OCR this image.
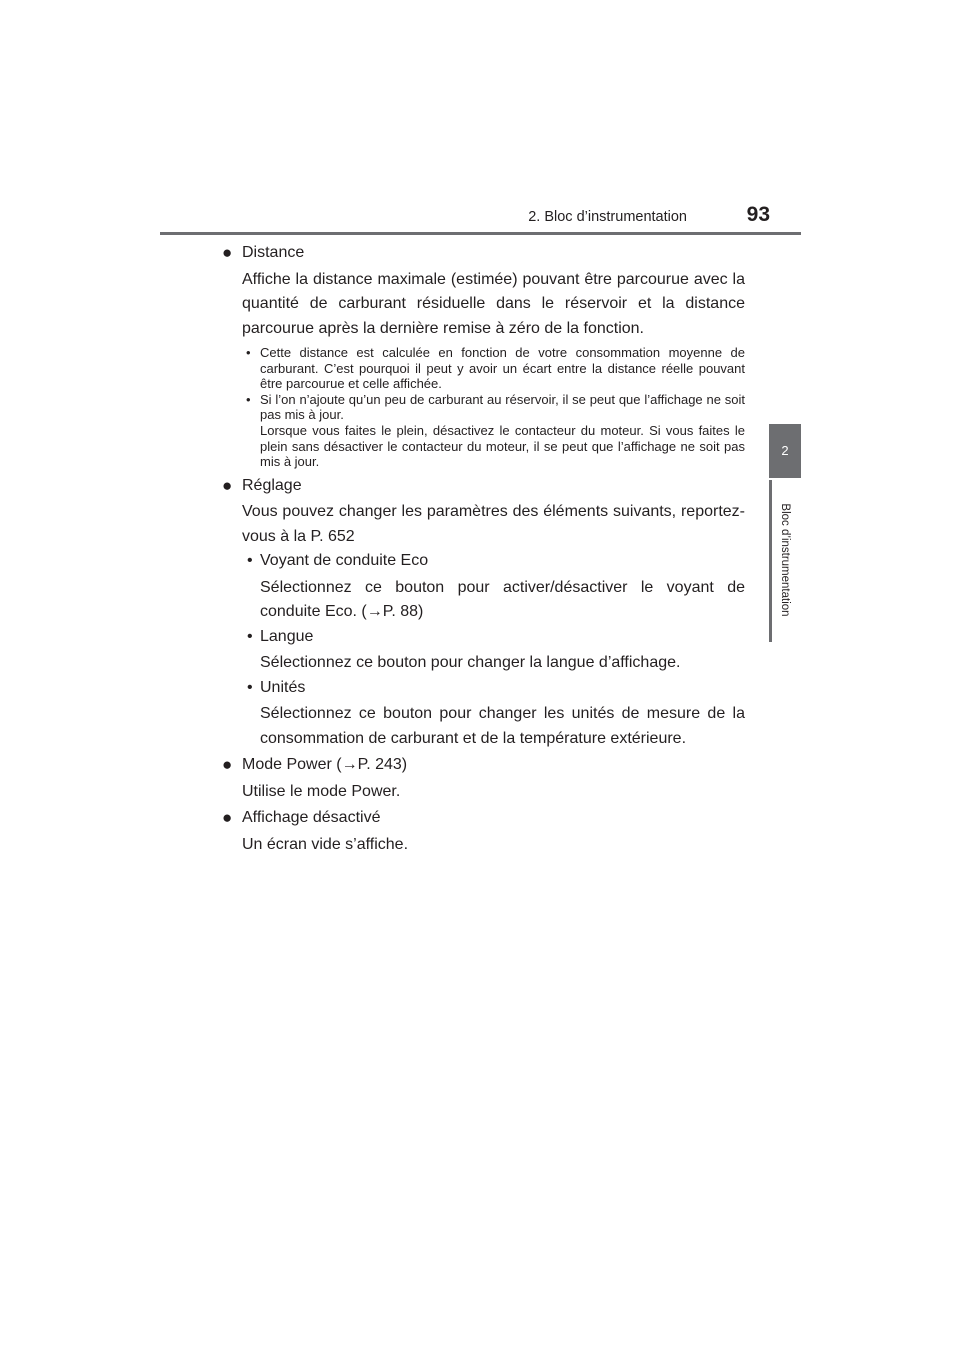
2. Bloc d’instrumentation	93
2
Bloc d’instrumentation
● Distance
Affiche la distance maximale (estimée) pouvant être parcourue avec la quantité de carburant résiduelle dans le réservoir et la distance parcourue après la dernière remise à zéro de la fonction.
• Cette distance est calculée en fonction de votre consommation moyenne de carburant. C’est pourquoi il peut y avoir un écart entre la distance réelle pouvant être parcourue et celle affichée.
• Si l’on n’ajoute qu’un peu de carburant au réservoir, il se peut que l’affichage ne soit pas mis à jour.
Lorsque vous faites le plein, désactivez le contacteur du moteur. Si vous faites le plein sans désactiver le contacteur du moteur, il se peut que l’affichage ne soit pas mis à jour.
● Réglage
Vous pouvez changer les paramètres des éléments suivants, reportez-vous à la P. 652
• Voyant de conduite Eco
Sélectionnez ce bouton pour activer/désactiver le voyant de conduite Eco. (→P. 88)
• Langue
Sélectionnez ce bouton pour changer la langue d’affichage.
• Unités
Sélectionnez ce bouton pour changer les unités de mesure de la consommation de carburant et de la température extérieure.
● Mode Power (→P. 243)
Utilise le mode Power.
● Affichage désactivé
Un écran vide s’affiche.
